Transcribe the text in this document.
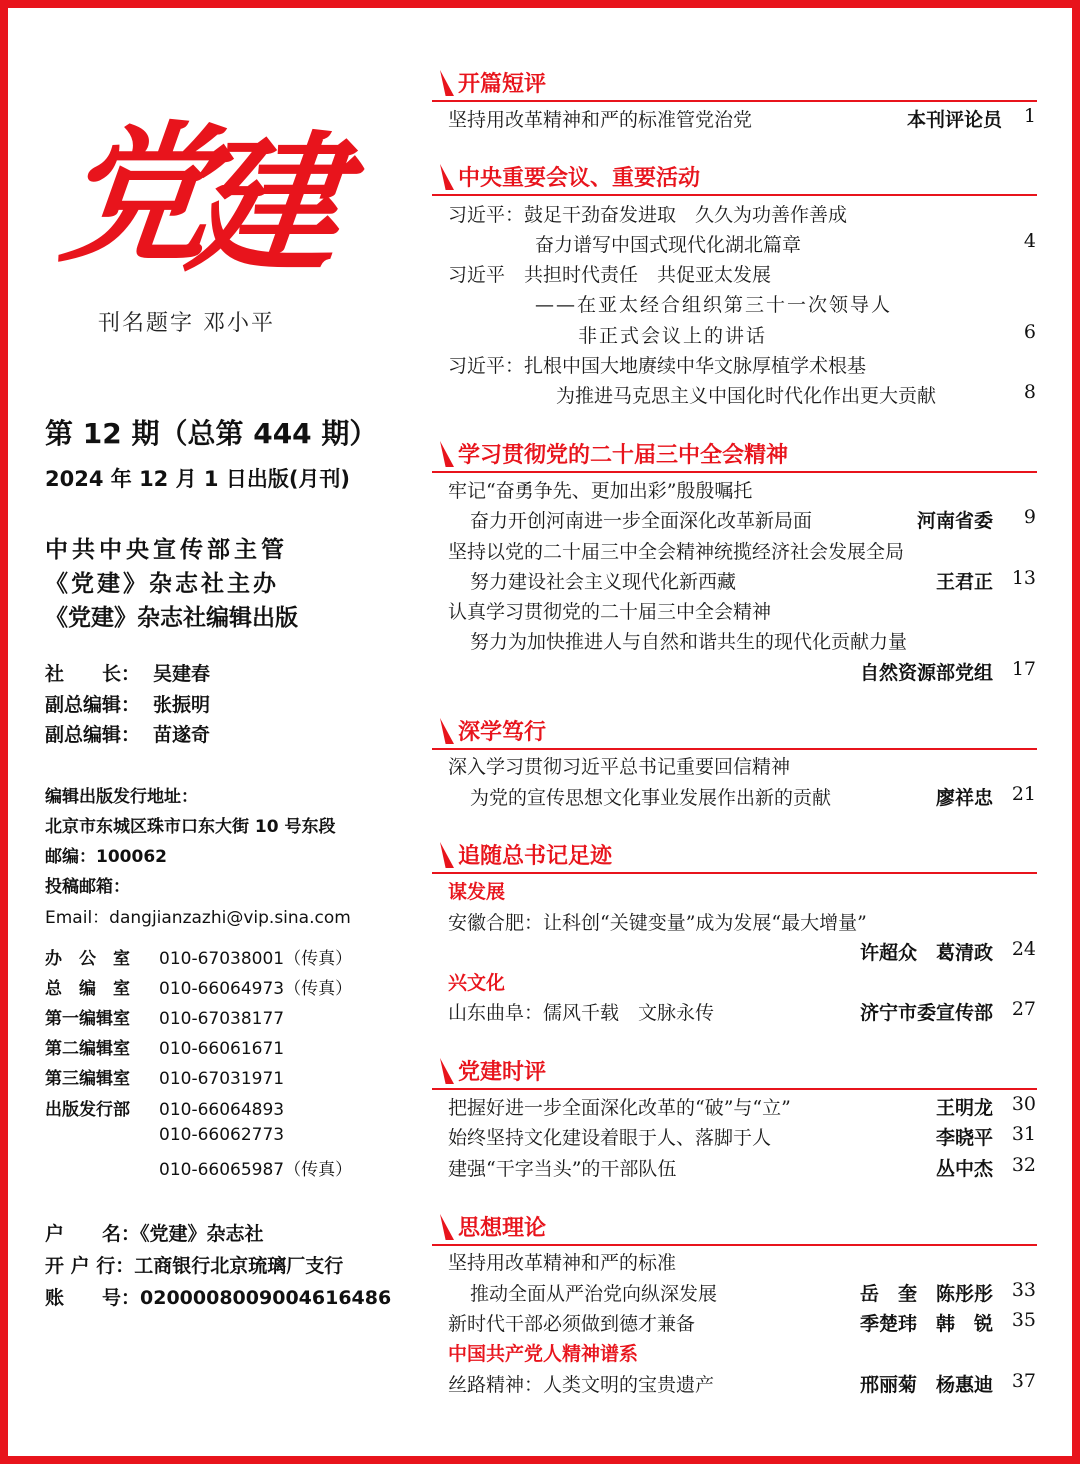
党
建
刊名题字 邓小平
第 12 期（总第 444 期）
2024 年 12 月 1 日出版(月刊)
中共中央宣传部主管
《党建》杂志社主办
《党建》杂志社编辑出版
社　　长： 吴建春
副总编辑： 张振明
副总编辑： 苗遂奇
编辑出版发行地址：
北京市东城区珠市口东大街 10 号东段
邮编：100062
投稿邮箱：
Email：dangjianzazhi@vip.sina.com
办　公　室 010-67038001（传真）
总　编　室 010-66064973（传真）
第一编辑室 010-67038177
第二编辑室 010-66061671
第三编辑室 010-67031971
出版发行部 010-66064893
010-66062773
010-66065987（传真）
户　　名：《党建》杂志社
开 户 行：工商银行北京琉璃厂支行
账　　号：0200008009004616486
开篇短评
坚持用改革精神和严的标准管党治党	本刊评论员	1
中央重要会议、重要活动
习近平：鼓足干劲奋发进取　久久为功善作善成
奋力谱写中国式现代化湖北篇章	4
习近平　共担时代责任　共促亚太发展
——在亚太经合组织第三十一次领导人
非正式会议上的讲话	6
习近平：扎根中国大地赓续中华文脉厚植学术根基
为推进马克思主义中国化时代化作出更大贡献	8
学习贯彻党的二十届三中全会精神
牢记“奋勇争先、更加出彩”殷殷嘱托
奋力开创河南进一步全面深化改革新局面	河南省委	9
坚持以党的二十届三中全会精神统揽经济社会发展全局
努力建设社会主义现代化新西藏	王君正 13
认真学习贯彻党的二十届三中全会精神
努力为加快推进人与自然和谐共生的现代化贡献力量
自然资源部党组 17
深学笃行
深入学习贯彻习近平总书记重要回信精神
为党的宣传思想文化事业发展作出新的贡献	廖祥忠 21
追随总书记足迹
谋发展
安徽合肥：让科创“关键变量”成为发展“最大增量”
许超众　葛清政 24
兴文化
山东曲阜：儒风千载　文脉永传	济宁市委宣传部 27
党建时评
把握好进一步全面深化改革的“破”与“立”	王明龙 30
始终坚持文化建设着眼于人、落脚于人	李晓平 31
建强“干字当头”的干部队伍	丛中杰 32
思想理论
坚持用改革精神和严的标准
推动全面从严治党向纵深发展	岳　奎　陈彤彤 33
新时代干部必须做到德才兼备	季楚玮　韩　锐 35
中国共产党人精神谱系
丝路精神：人类文明的宝贵遗产	邢丽菊　杨惠迪 37
